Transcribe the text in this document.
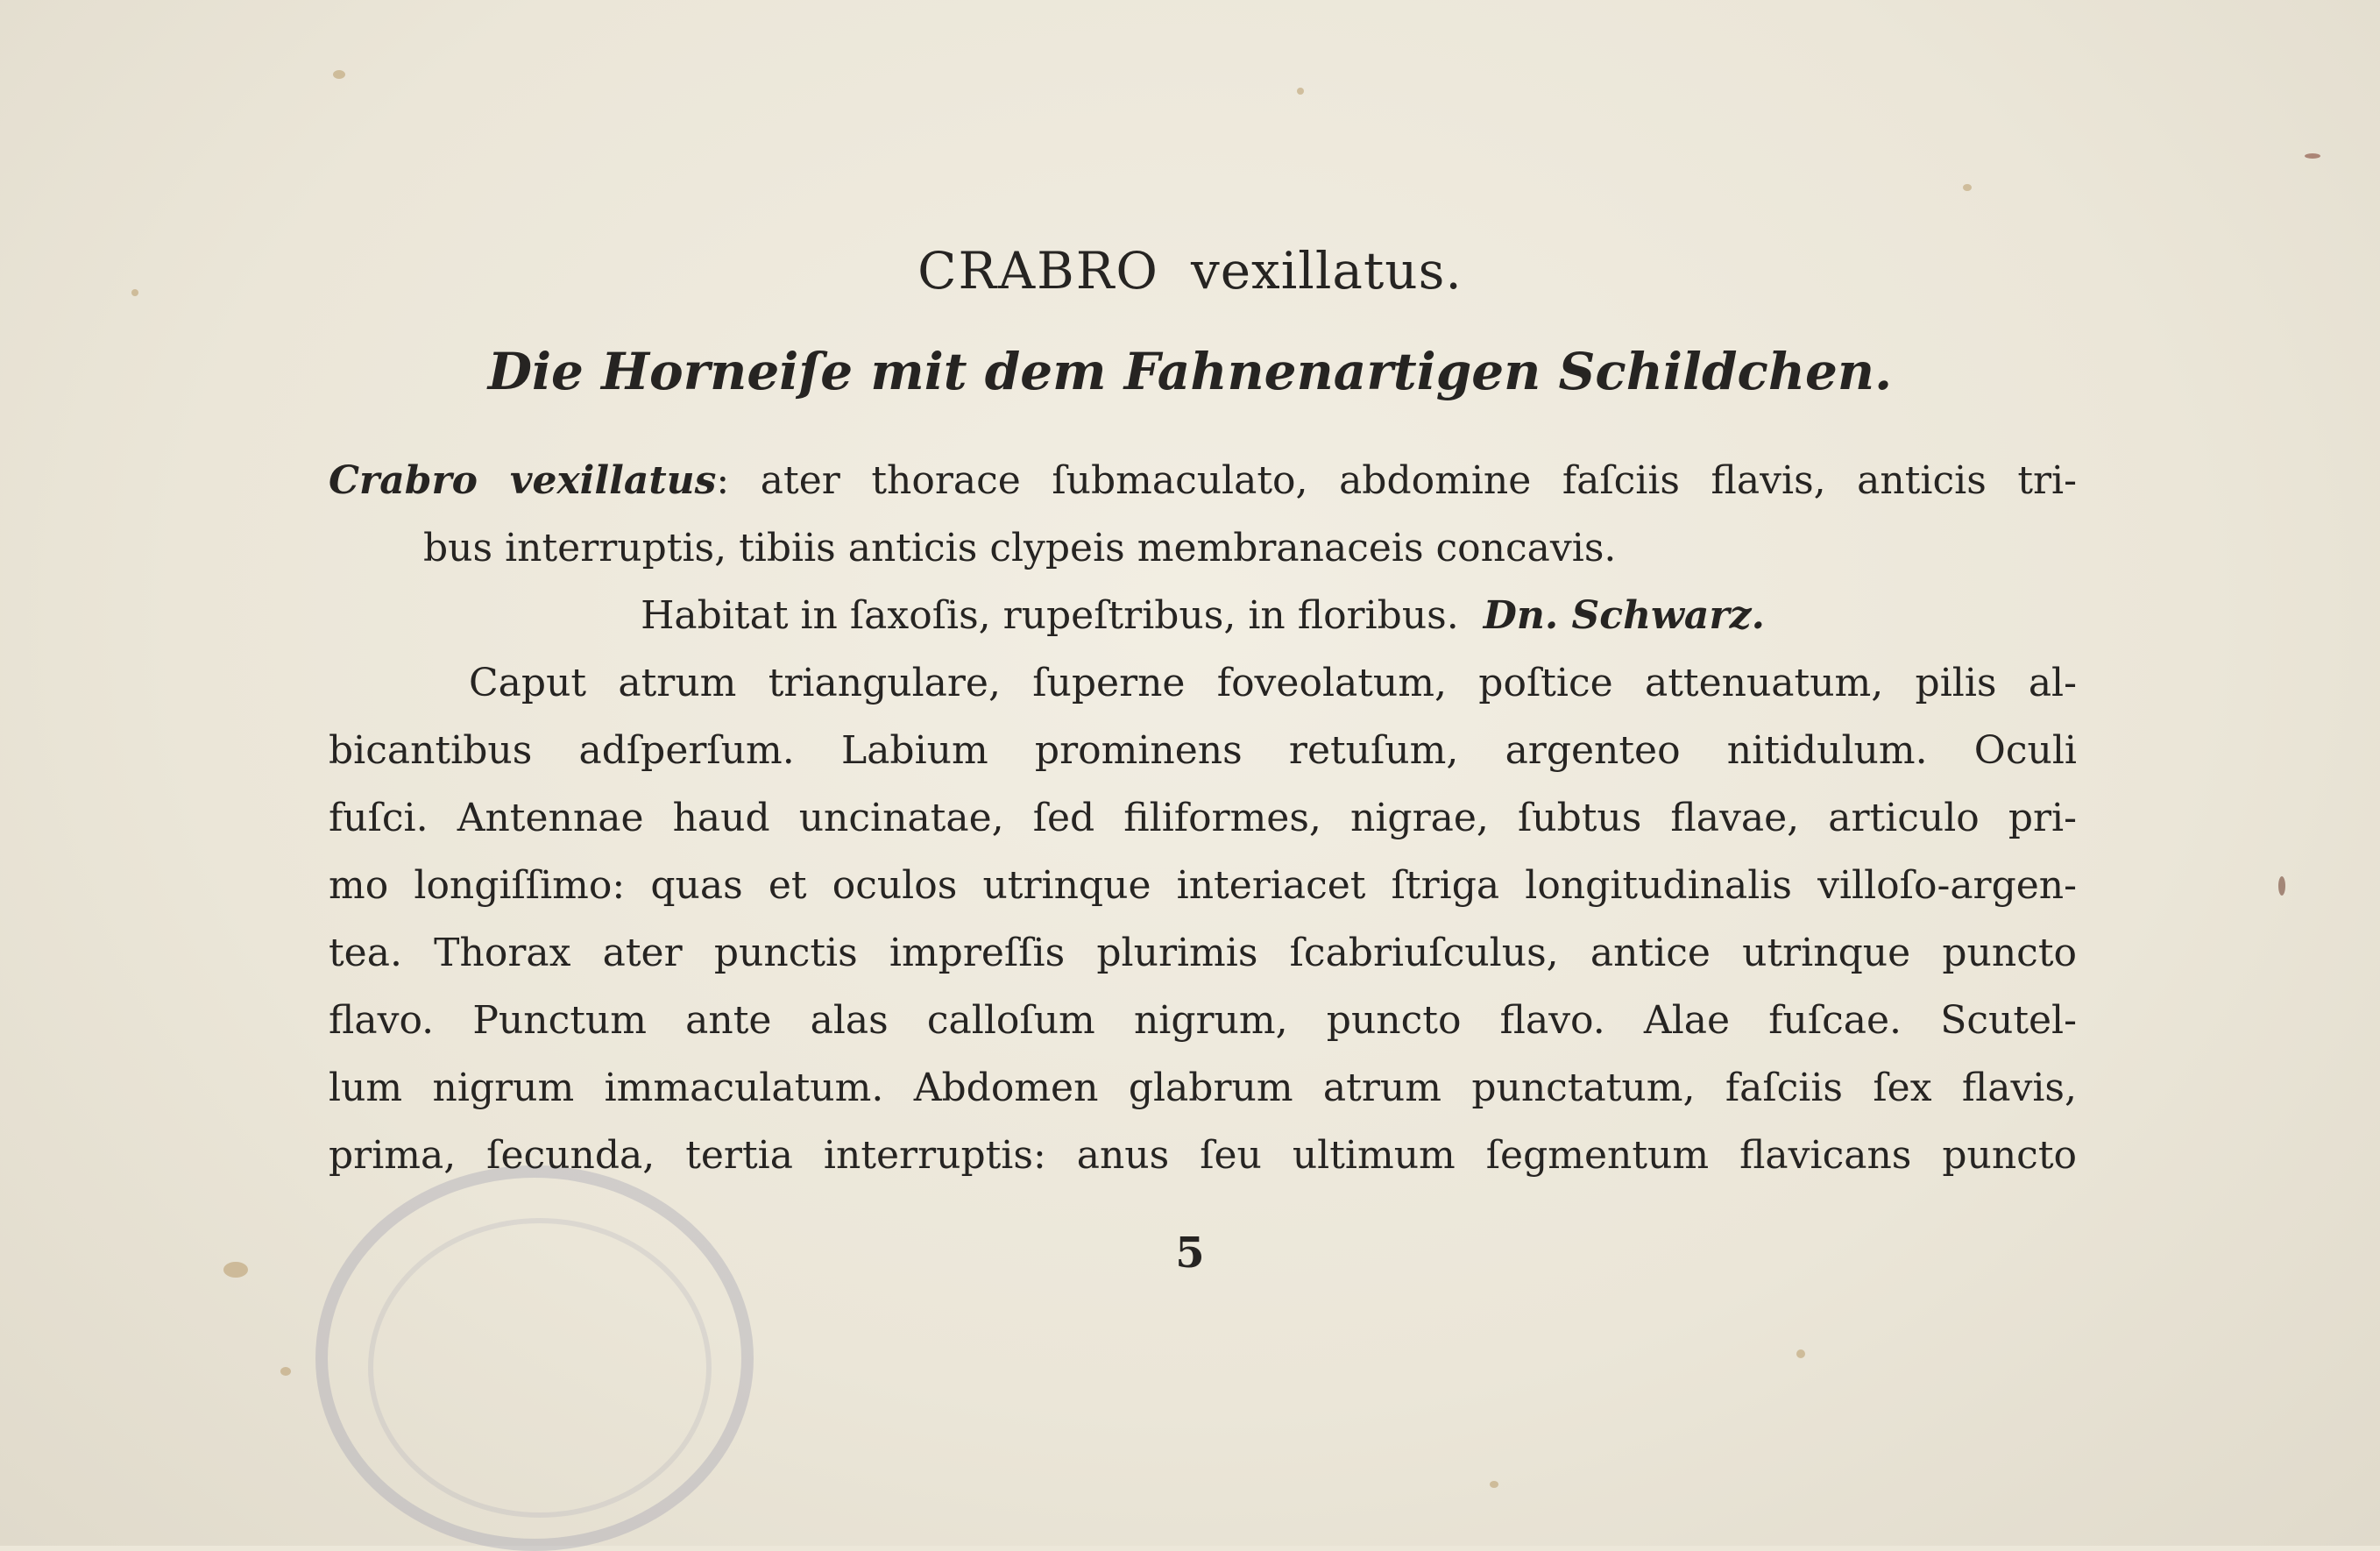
CRABRO vexillatus.
Die Horneiſe mit dem Fahnenartigen Schildchen.
Crabro vexillatus: ater thorace ſubmaculato, abdomine faſciis flavis, anticis tri-
bus interruptis, tibiis anticis clypeis membranaceis concavis.
Habitat in ſaxoſis, rupeſtribus, in floribus. Dn. Schwarz.
Caput atrum triangulare, ſuperne foveolatum, poſtice attenuatum, pilis al-
bicantibus adſperſum. Labium prominens retuſum, argenteo nitidulum. Oculi
fuſci. Antennae haud uncinatae, ſed filiformes, nigrae, ſubtus flavae, articulo pri-
mo longiſſimo: quas et oculos utrinque interiacet ſtriga longitudinalis villoſo-argen-
tea. Thorax ater punctis impreſſis plurimis ſcabriuſculus, antice utrinque puncto
flavo. Punctum ante alas calloſum nigrum, puncto flavo. Alae fuſcae. Scutel-
lum nigrum immaculatum. Abdomen glabrum atrum punctatum, faſciis ſex flavis,
prima, ſecunda, tertia interruptis: anus ſeu ultimum ſegmentum flavicans puncto
5
